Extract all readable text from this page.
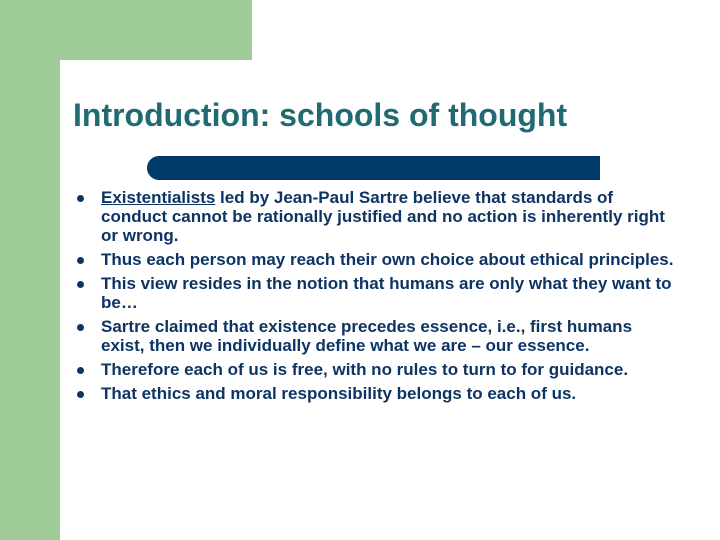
Introduction: schools of thought
Existentialists led by Jean-Paul Sartre believe that standards of conduct cannot be rationally justified and no action is inherently right or wrong.
Thus each person may reach their own choice about ethical principles.
This view resides in the notion that humans are only what they want to be…
Sartre claimed that existence precedes essence, i.e., first humans exist, then we individually define what we are – our essence.
Therefore each of us is free, with no rules to turn to for guidance.
That ethics and moral responsibility belongs to each of us.
